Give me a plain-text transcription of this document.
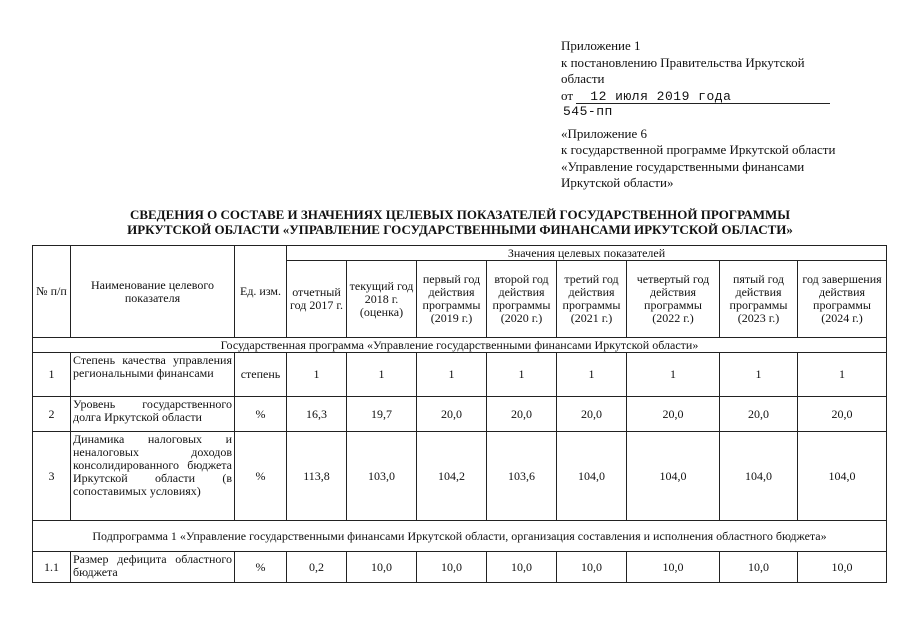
Приложение 1
к постановлению Правительства Иркутской
области
от 12 июля 2019 года
545-пп
«Приложение 6
к государственной программе Иркутской области
«Управление государственными финансами
Иркутской области»
СВЕДЕНИЯ О СОСТАВЕ И ЗНАЧЕНИЯХ ЦЕЛЕВЫХ ПОКАЗАТЕЛЕЙ ГОСУДАРСТВЕННОЙ ПРОГРАММЫ
ИРКУТСКОЙ ОБЛАСТИ «УПРАВЛЕНИЕ ГОСУДАРСТВЕННЫМИ ФИНАНСАМИ ИРКУТСКОЙ ОБЛАСТИ»
№ п/п	Наименование целевого показателя	Ед. изм.	Значения целевых показателей							
			отчетный год 2017 г.	текущий год 2018 г. (оценка)	первый год действия программы (2019 г.)	второй год действия программы (2020 г.)	третий год действия программы (2021 г.)	четвертый год действия программы (2022 г.)	пятый год действия программы (2023 г.)	год завершения действия программы (2024 г.)
Государственная программа «Управление государственными финансами Иркутской области»										
1	Степень качества управления региональными финансами	степень	1	1	1	1	1	1	1	1
2	Уровень государственного долга Иркутской области	%	16,3	19,7	20,0	20,0	20,0	20,0	20,0	20,0
3	Динамика налоговых и неналоговых доходов консолидированного бюджета Иркутской области (в сопоставимых условиях)	%	113,8	103,0	104,2	103,6	104,0	104,0	104,0	104,0
Подпрограмма 1 «Управление государственными финансами Иркутской области, организация составления и исполнения областного бюджета»										
1.1	Размер дефицита областного бюджета	%	0,2	10,0	10,0	10,0	10,0	10,0	10,0	10,0
